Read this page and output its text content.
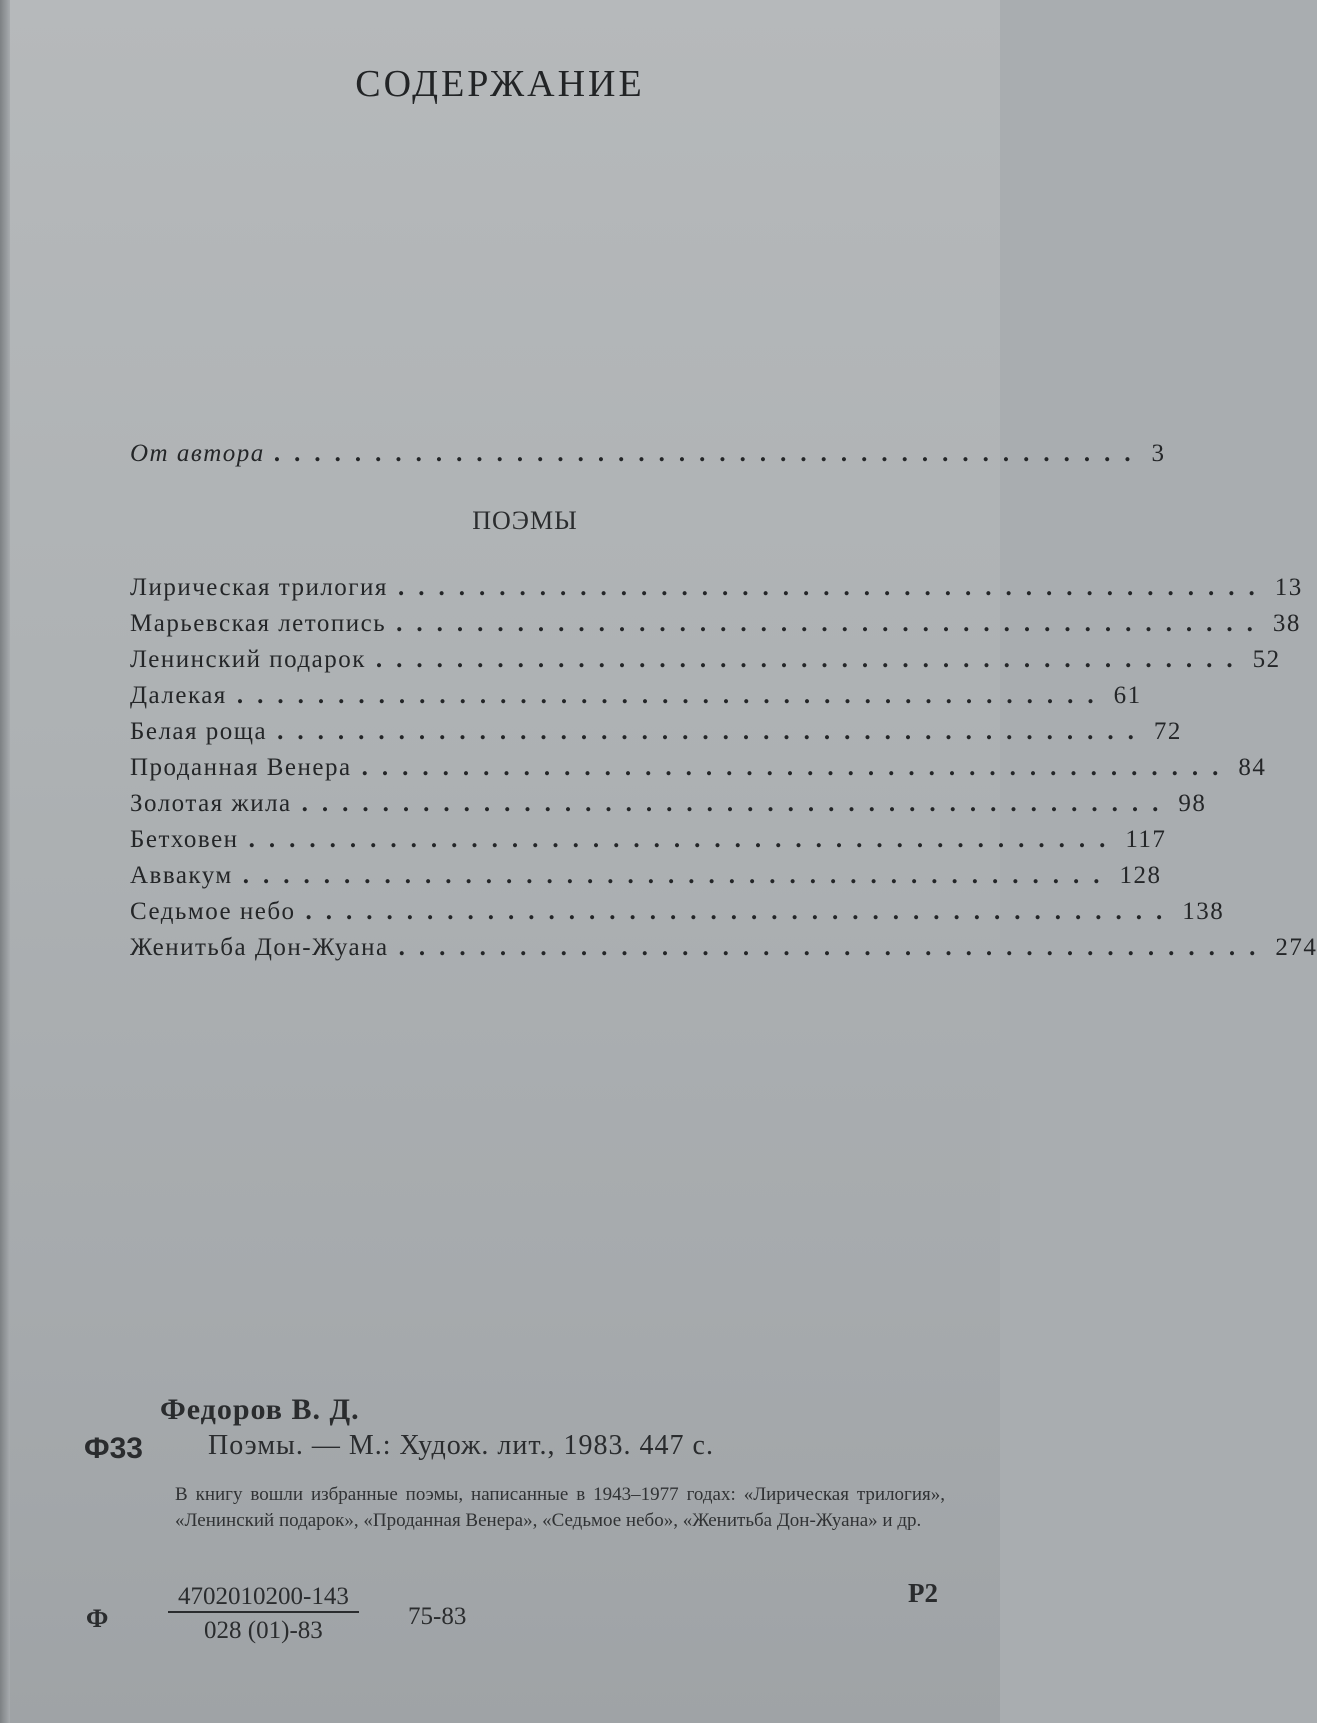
СОДЕРЖАНИЕ
От автора ........................................... 3
ПОЭМЫ
Лирическая трилогия ........................................... 13
Марьевская летопись ........................................... 38
Ленинский подарок ........................................... 52
Далекая ........................................... 61
Белая роща ........................................... 72
Проданная Венера ........................................... 84
Золотая жила ........................................... 98
Бетховен ........................................... 117
Аввакум ........................................... 128
Седьмое небо ........................................... 138
Женитьба Дон-Жуана ........................................... 274
Федоров В. Д.
Ф33 Поэмы. — М.: Худож. лит., 1983. 447 с.
В книгу вошли избранные поэмы, написанные в 1943–1977 годах: «Лирическая трилогия», «Ленинский подарок», «Проданная Венера», «Седьмое небо», «Женитьба Дон-Жуана» и др.
Ф $\frac{4702010200-143}{028 (01)-83} 75-83$
Р2
